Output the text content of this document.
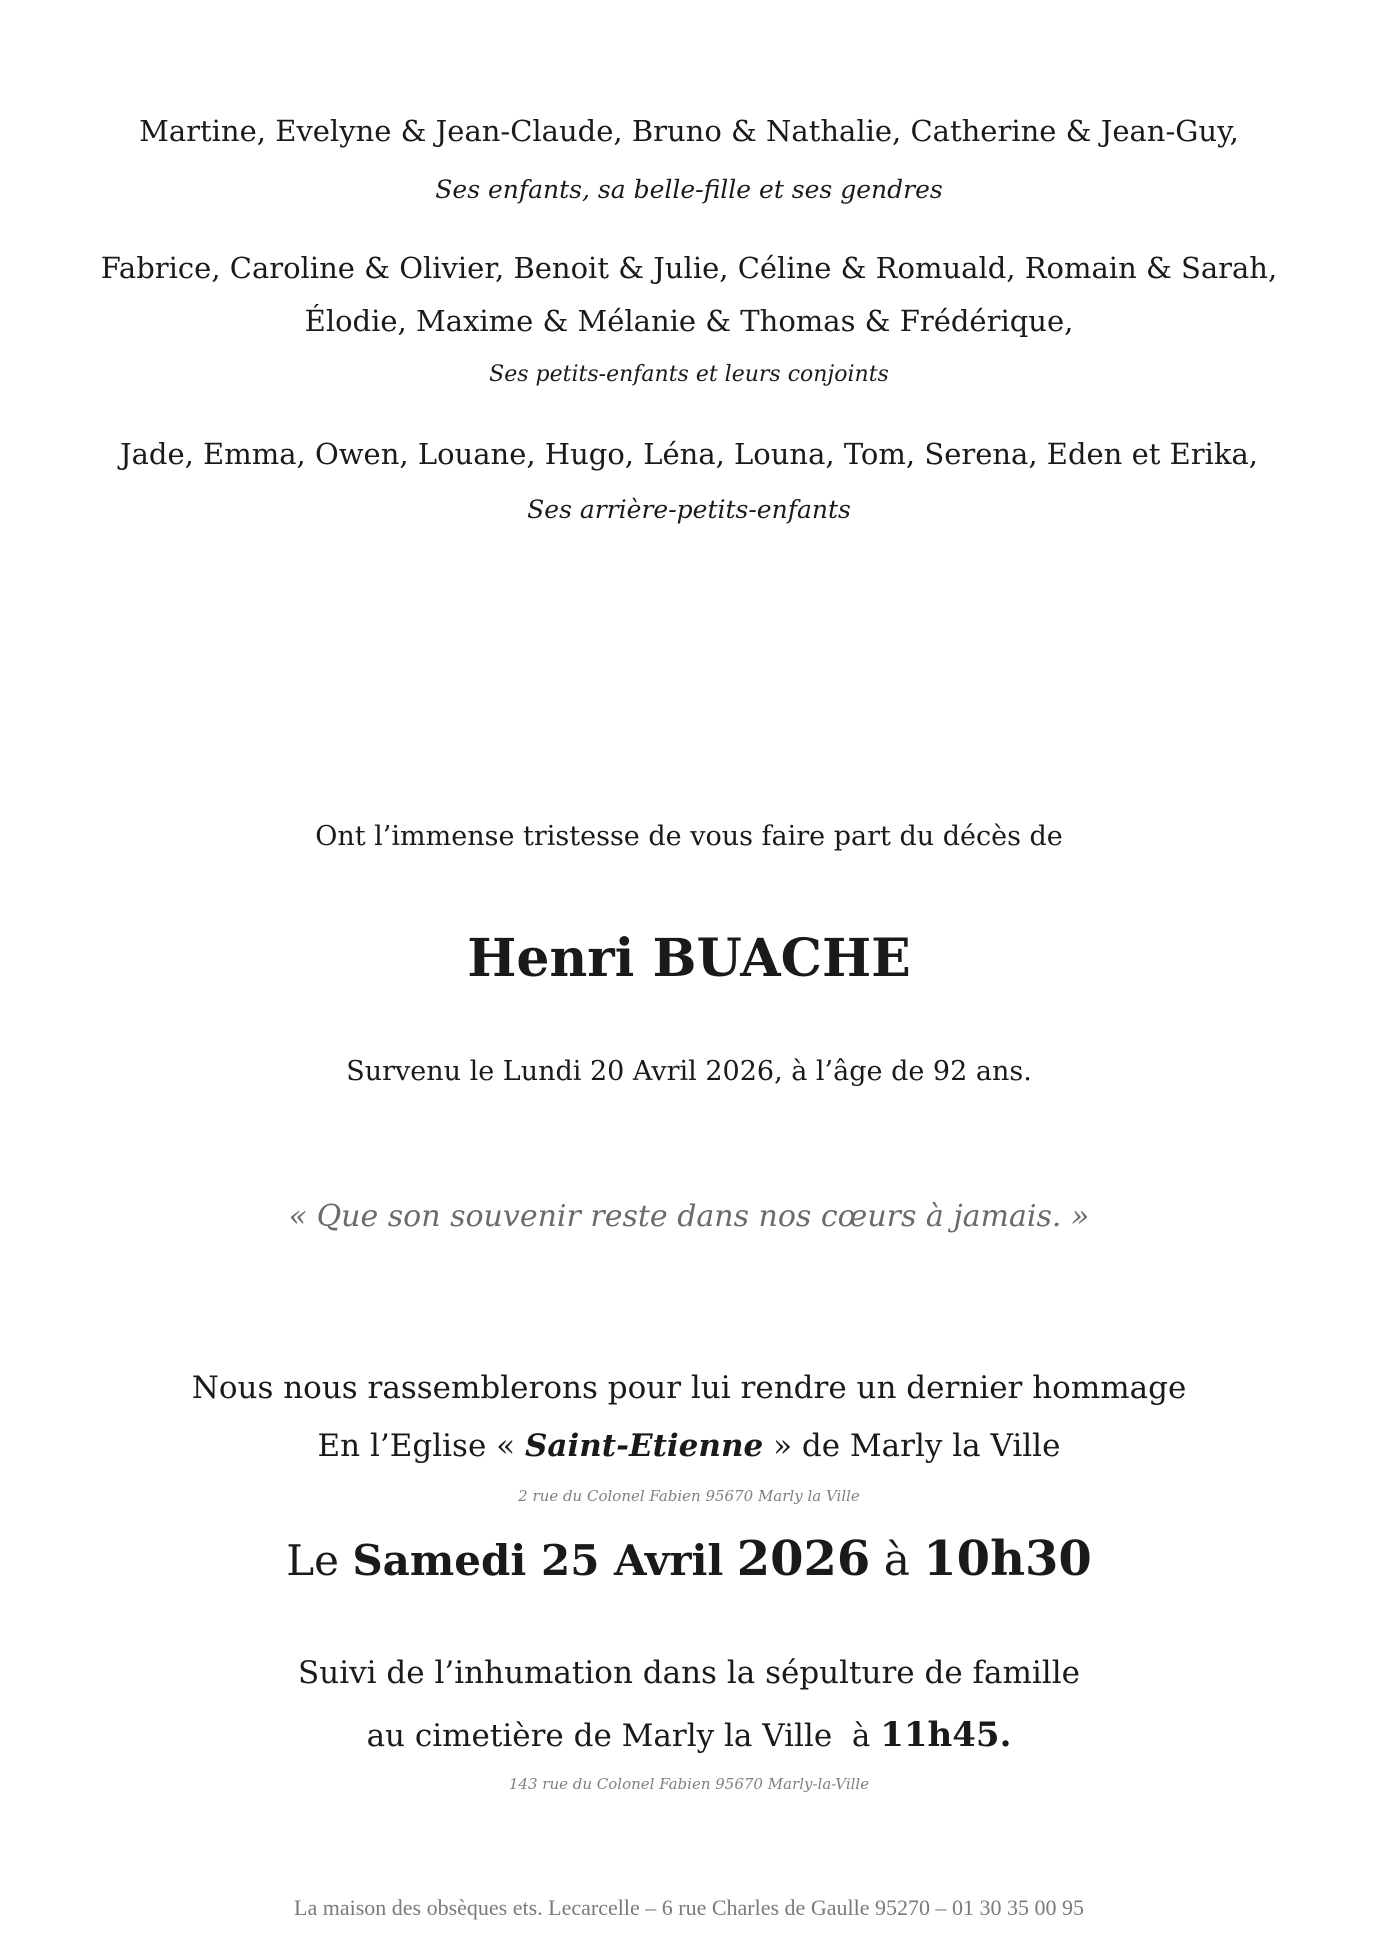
Martine, Evelyne & Jean-Claude, Bruno & Nathalie, Catherine & Jean-Guy,
Ses enfants, sa belle-fille et ses gendres
Fabrice, Caroline & Olivier, Benoit & Julie, Céline & Romuald, Romain & Sarah,
Élodie, Maxime & Mélanie & Thomas & Frédérique,
Ses petits-enfants et leurs conjoints
Jade, Emma, Owen, Louane, Hugo, Léna, Louna, Tom, Serena, Eden et Erika,
Ses arrière-petits-enfants
Ont l’immense tristesse de vous faire part du décès de
Henri BUACHE
Survenu le Lundi 20 Avril 2026, à l’âge de 92 ans.
« Que son souvenir reste dans nos cœurs à jamais. »
Nous nous rassemblerons pour lui rendre un dernier hommage
En l’Eglise « Saint-Etienne » de Marly la Ville
2 rue du Colonel Fabien 95670 Marly la Ville
Le Samedi 25 Avril 2026 à 10h30
Suivi de l’inhumation dans la sépulture de famille
au cimetière de Marly la Ville  à 11h45.
143 rue du Colonel Fabien 95670 Marly-la-Ville
La maison des obsèques ets. Lecarcelle – 6 rue Charles de Gaulle 95270 – 01 30 35 00 95
